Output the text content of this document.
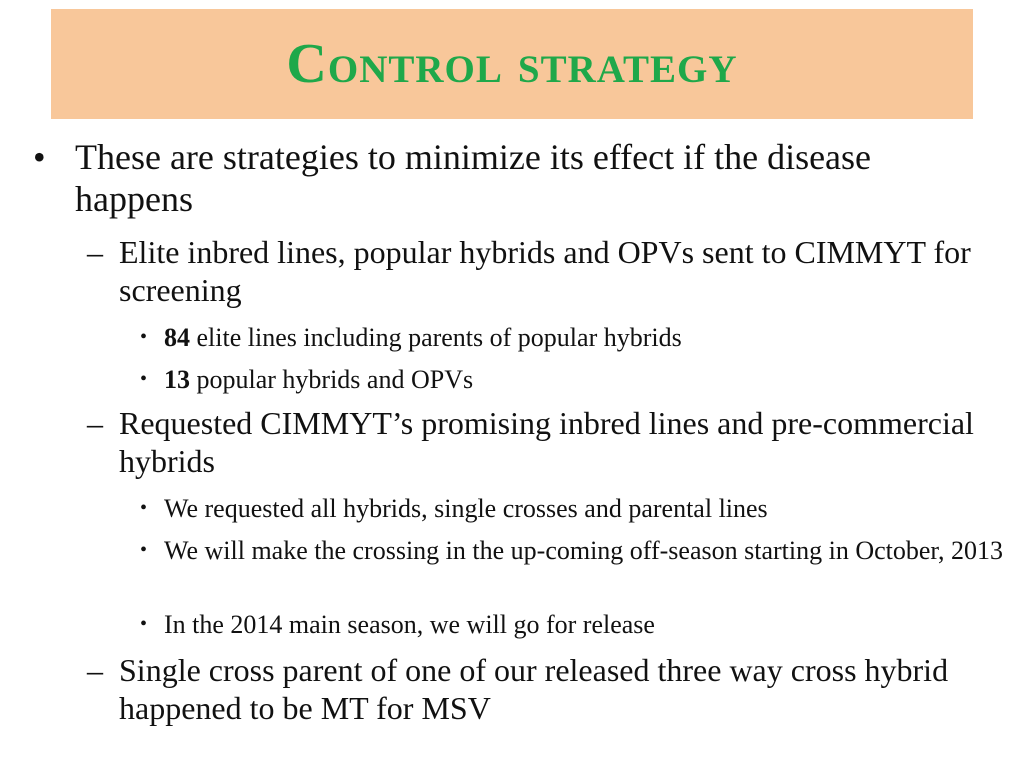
Control strategy

• These are strategies to minimize its effect if the disease happens

– Elite inbred lines, popular hybrids and OPVs sent to CIMMYT for screening

• 84 elite lines including parents of popular hybrids

• 13 popular hybrids and OPVs

– Requested CIMMYT’s promising inbred lines and pre-commercial hybrids

• We requested all hybrids, single crosses and parental lines

• We will make the crossing in the up-coming off-season starting in October, 2013

• In the 2014 main season, we will go for release

– Single cross parent of one of our released three way cross hybrid happened to be MT for MSV
